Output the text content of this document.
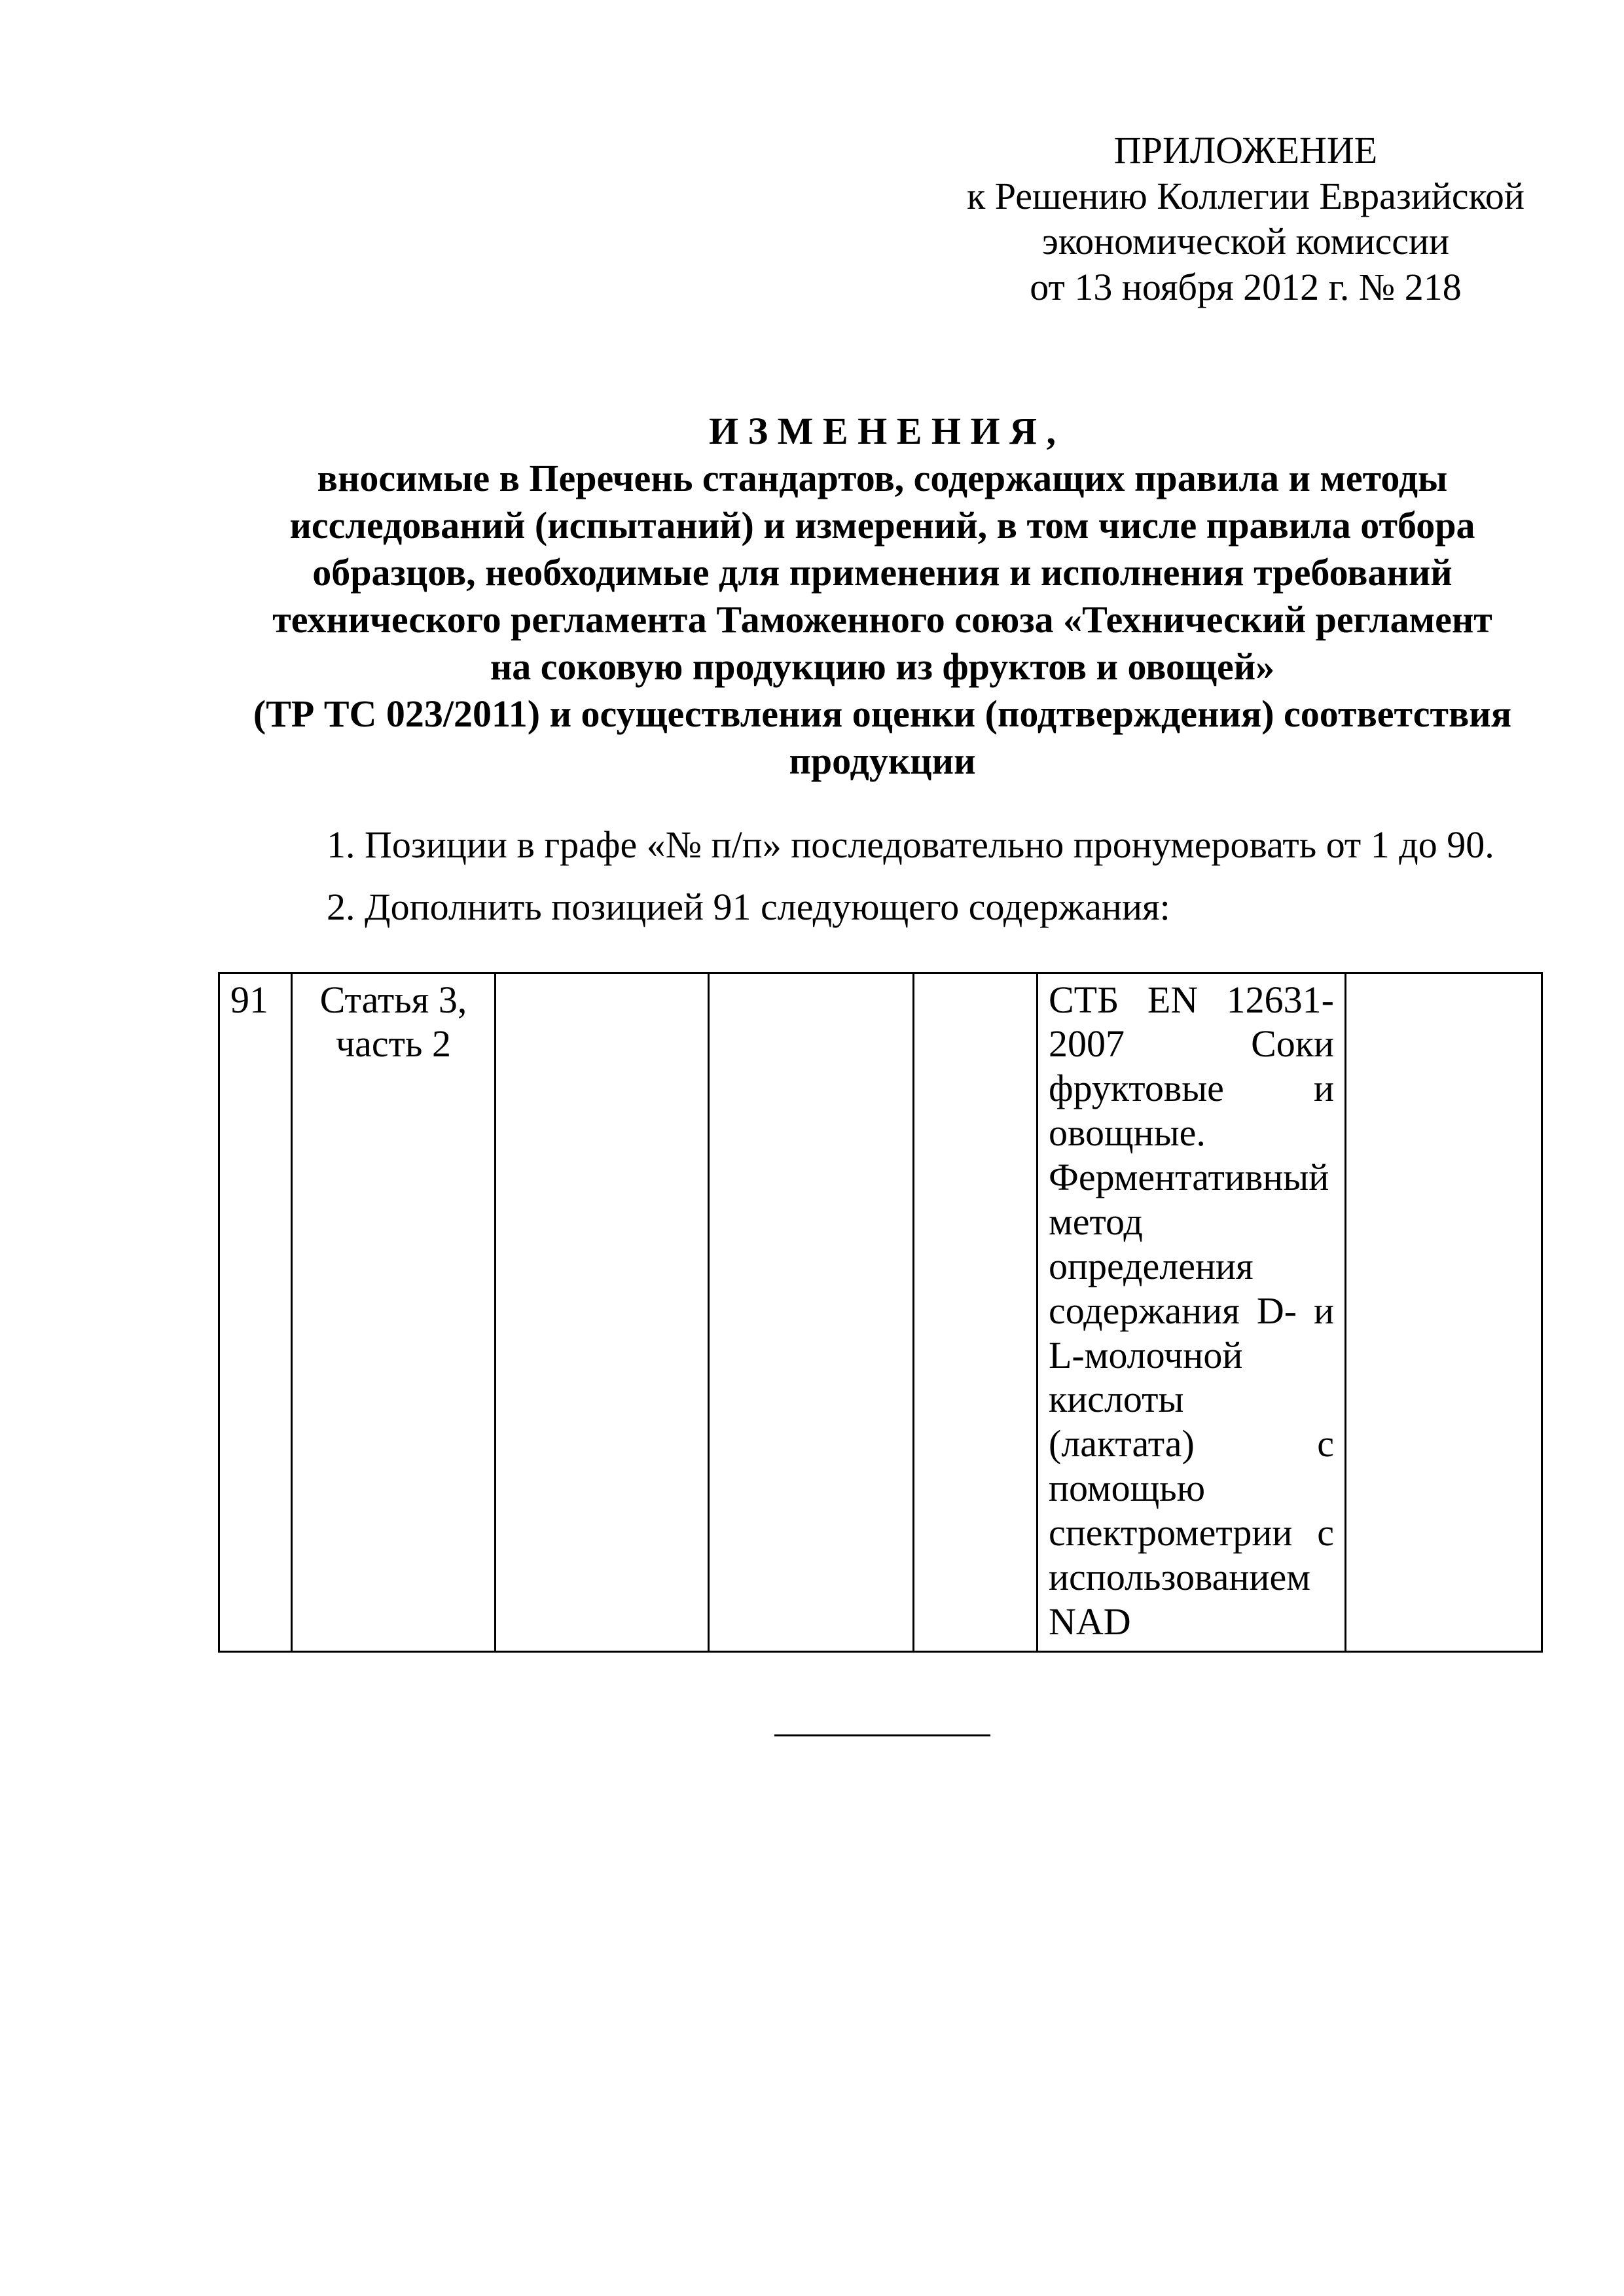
ПРИЛОЖЕНИЕ
к Решению Коллегии Евразийской
экономической комиссии
от 13 ноября 2012 г. № 218
И З М Е Н Е Н И Я ,
вносимые в Перечень стандартов, содержащих правила и методы
исследований (испытаний) и измерений, в том числе правила отбора
образцов, необходимые для применения и исполнения требований
технического регламента Таможенного союза «Технический регламент
на соковую продукцию из фруктов и овощей»
(ТР ТС 023/2011) и осуществления оценки (подтверждения) соответствия
продукции

1. Позиции в графе «№ п/п» последовательно пронумеровать от 1 до 90.

2. Дополнить позицией 91 следующего содержания:

91	Статья 3, часть 2				СТБ EN 12631-2007 Соки фруктовые и овощные. Ферментативный метод определения содержания D- и L-молочной кислоты (лактата) с помощью спектрометрии с использованием NAD	
